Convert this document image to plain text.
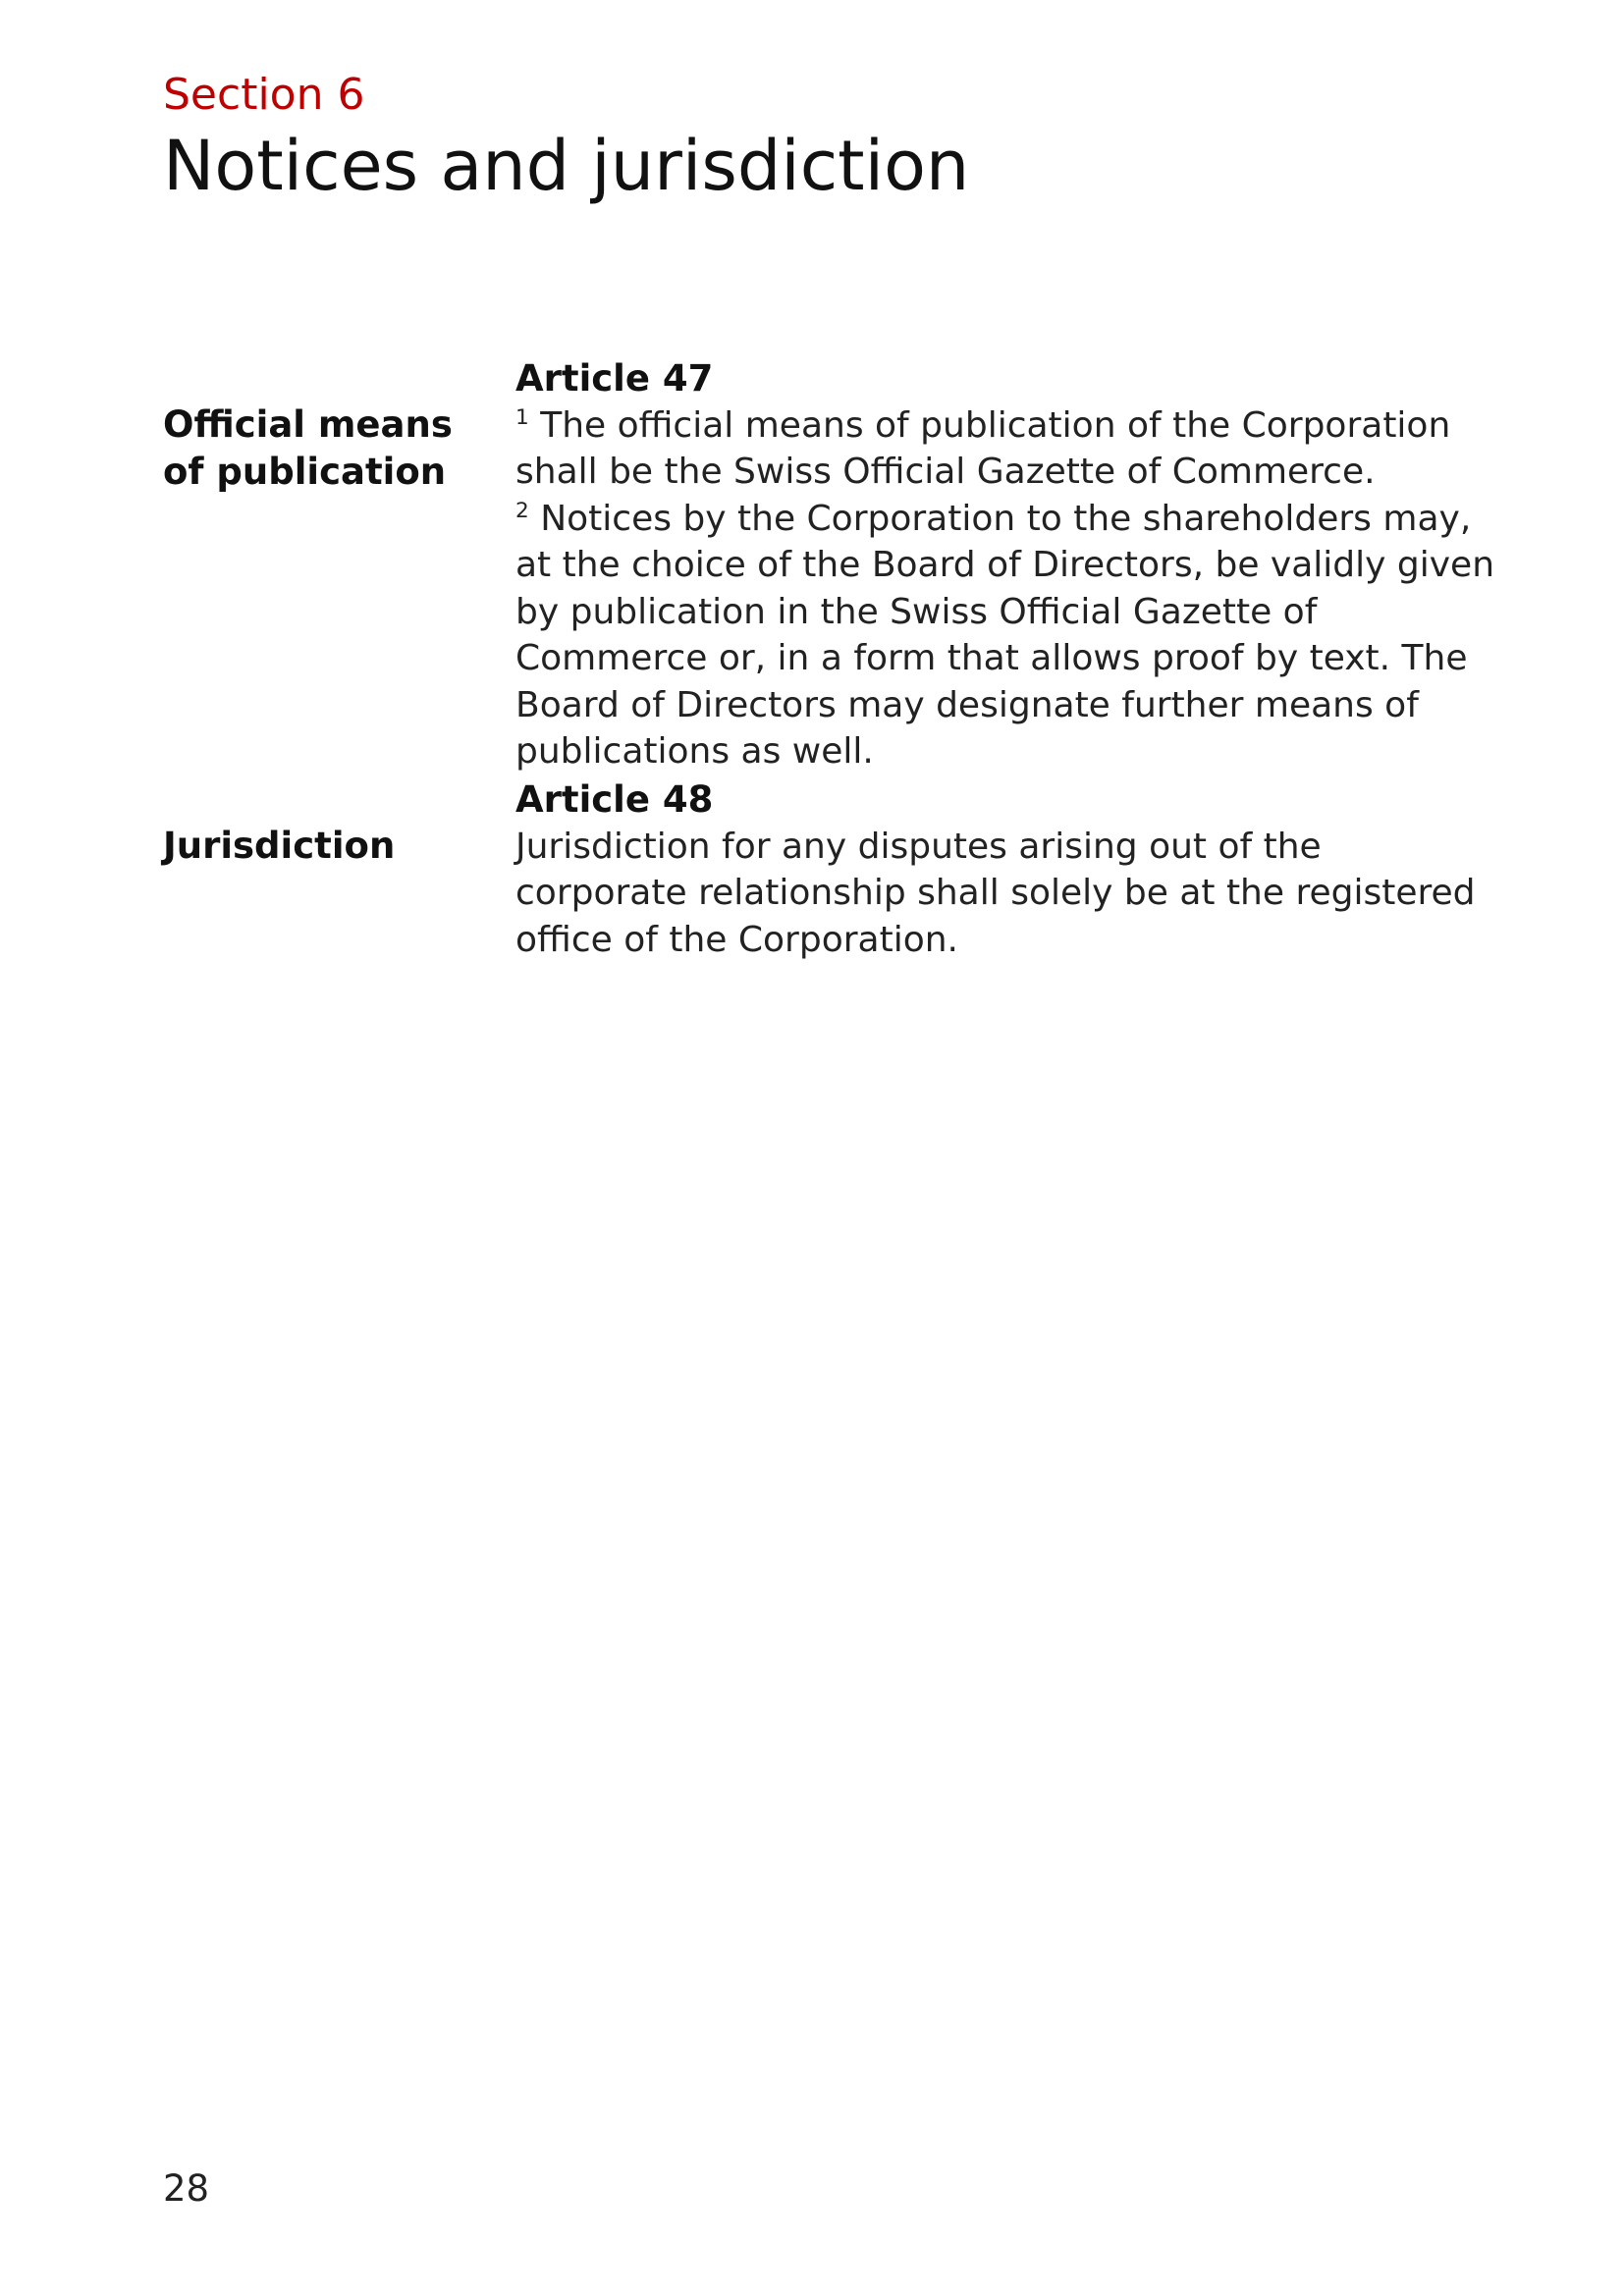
Section 6
Notices and jurisdiction

Official means of publication

Article 47

$^1$ The official means of publication of the Corporation shall be the Swiss Official Gazette of Commerce.

$^2$ Notices by the Corporation to the shareholders may, at the choice of the Board of Directors, be validly given by publication in the Swiss Official Gazette of Commerce or, in a form that allows proof by text. The Board of Directors may designate further means of publications as well.

Jurisdiction

Article 48

Jurisdiction for any disputes arising out of the corporate relationship shall solely be at the registered office of the Corporation.

28
